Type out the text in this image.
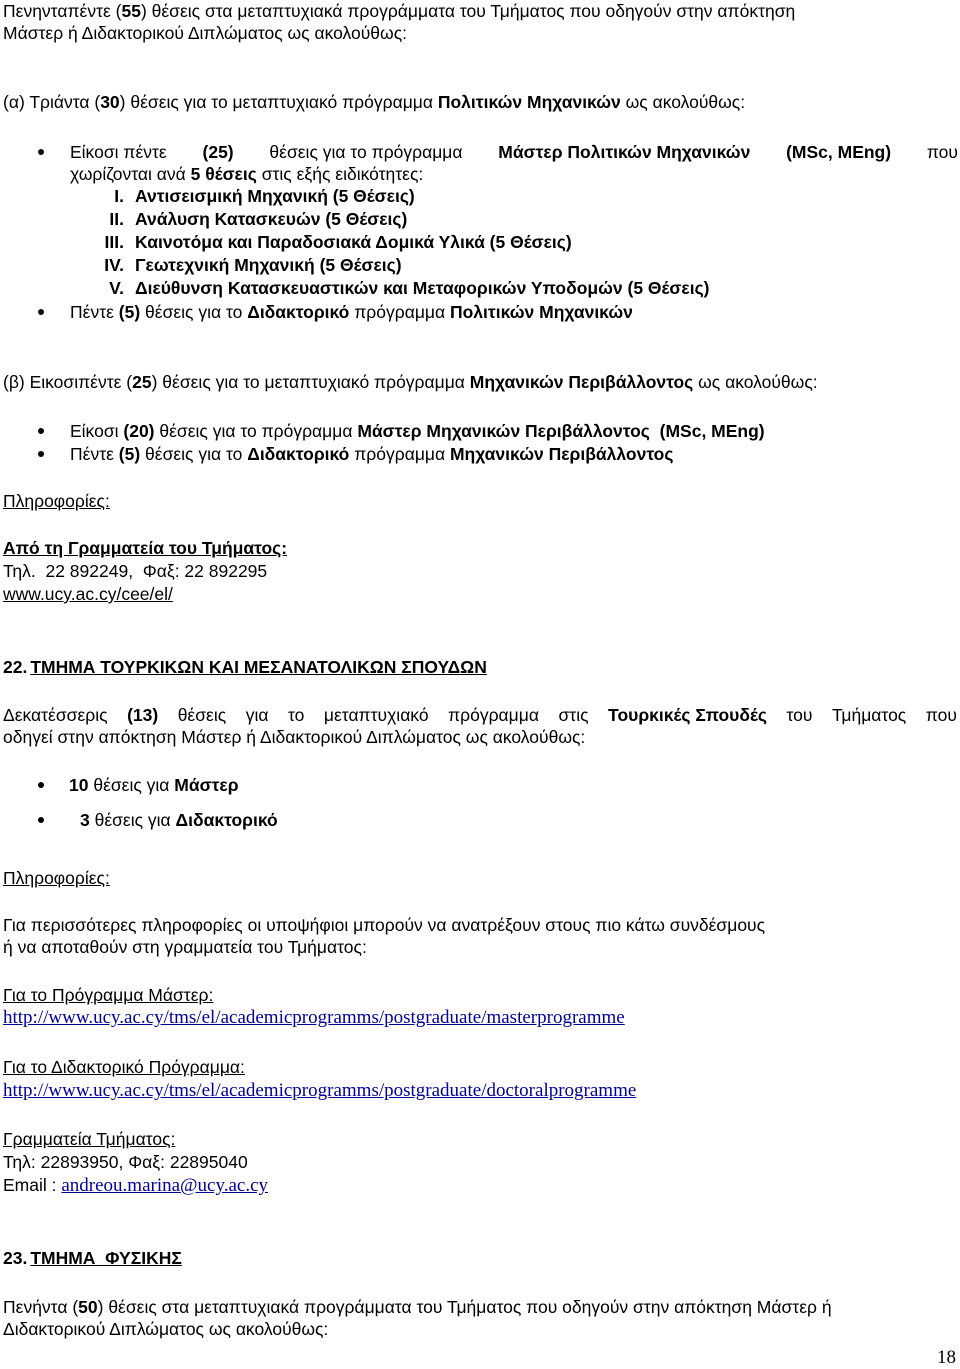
Πενηνταπέντε (55) θέσεις στα μεταπτυχιακά προγράμματα του Τμήματος που οδηγούν στην απόκτηση
Μάστερ ή Διδακτορικού Διπλώματος ως ακολούθως:
(α) Τριάντα (30) θέσεις για το μεταπτυχιακό πρόγραμμα Πολιτικών Μηχανικών ως ακολούθως:
Είκοσι πέντε (25) θέσεις για το πρόγραμμα Μάστερ Πολιτικών Μηχανικών (MSc, MEng) που
χωρίζονται ανά 5 θέσεις στις εξής ειδικότητες:
I. Αντισεισμική Μηχανική (5 Θέσεις)
II. Ανάλυση Κατασκευών (5 Θέσεις)
III. Καινοτόμα και Παραδοσιακά Δομικά Υλικά (5 Θέσεις)
IV. Γεωτεχνική Μηχανική (5 Θέσεις)
V. Διεύθυνση Κατασκευαστικών και Μεταφορικών Υποδομών (5 Θέσεις)
Πέντε (5) θέσεις για το Διδακτορικό πρόγραμμα Πολιτικών Μηχανικών
(β) Εικοσιπέντε (25) θέσεις για το μεταπτυχιακό πρόγραμμα Μηχανικών Περιβάλλοντος ως ακολούθως:
Είκοσι (20) θέσεις για το πρόγραμμα Μάστερ Μηχανικών Περιβάλλοντος  (MSc, MEng)
Πέντε (5) θέσεις για το Διδακτορικό πρόγραμμα Μηχανικών Περιβάλλοντος
Πληροφορίες:
Από τη Γραμματεία του Τμήματος:
Τηλ.  22 892249,  Φαξ: 22 892295
www.ucy.ac.cy/cee/el/
22. ΤΜΗΜΑ ΤΟΥΡΚΙΚΩΝ ΚΑΙ ΜΕΣΑΝΑΤΟΛΙΚΩΝ ΣΠΟΥΔΩΝ
Δεκατέσσερις (13) θέσεις για το μεταπτυχιακό πρόγραμμα στις Τουρκικές Σπουδές του Τμήματος που
οδηγεί στην απόκτηση Μάστερ ή Διδακτορικού Διπλώματος ως ακολούθως:
10 θέσεις για Μάστερ
3 θέσεις για Διδακτορικό
Πληροφορίες:
Για περισσότερες πληροφορίες οι υποψήφιοι μπορούν να ανατρέξουν στους πιο κάτω συνδέσμους
ή να αποταθούν στη γραμματεία του Τμήματος:
Για το Πρόγραμμα Μάστερ:
http://www.ucy.ac.cy/tms/el/academicprogramms/postgraduate/masterprogramme
Για το Διδακτορικό Πρόγραμμα:
http://www.ucy.ac.cy/tms/el/academicprogramms/postgraduate/doctoralprogramme
Γραμματεία Τμήματος:
Τηλ: 22893950, Φαξ: 22895040
Email : andreou.marina@ucy.ac.cy
23. ΤΜΗΜΑ  ΦΥΣΙΚΗΣ
Πενήντα (50) θέσεις στα μεταπτυχιακά προγράμματα του Τμήματος που οδηγούν στην απόκτηση Μάστερ ή
Διδακτορικού Διπλώματος ως ακολούθως:
18
